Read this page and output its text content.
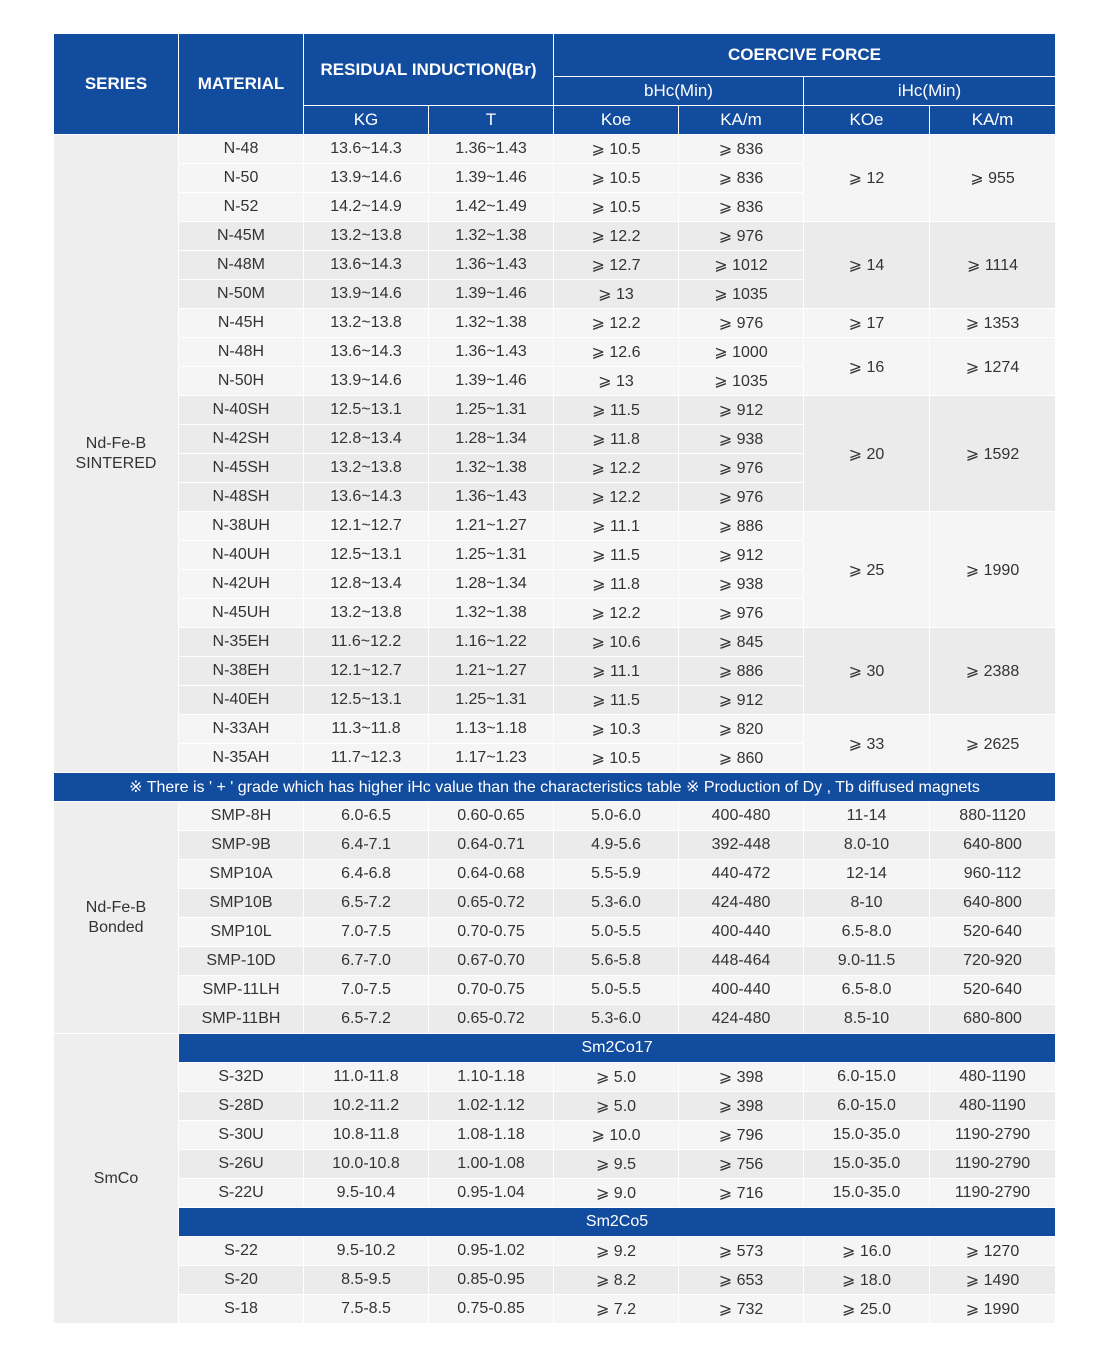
SERIES	MATERIAL	RESIDUAL INDUCTION(Br)		COERCIVE FORCE			
				bHc(Min)		iHc(Min)	
		KG	T	Koe	KA/m	KOe	KA/m

Nd-Fe-B
SINTERED	N-48	13.6~14.3	1.36~1.43	⩾ 10.5	⩾ 836	⩾ 12	⩾ 955
	N-50	13.9~14.6	1.39~1.46	⩾ 10.5	⩾ 836		
	N-52	14.2~14.9	1.42~1.49	⩾ 10.5	⩾ 836		
	N-45M	13.2~13.8	1.32~1.38	⩾ 12.2	⩾ 976	⩾ 14	⩾ 1114
	N-48M	13.6~14.3	1.36~1.43	⩾ 12.7	⩾ 1012		
	N-50M	13.9~14.6	1.39~1.46	⩾ 13	⩾ 1035		
	N-45H	13.2~13.8	1.32~1.38	⩾ 12.2	⩾ 976	⩾ 17	⩾ 1353
	N-48H	13.6~14.3	1.36~1.43	⩾ 12.6	⩾ 1000	⩾ 16	⩾ 1274
	N-50H	13.9~14.6	1.39~1.46	⩾ 13	⩾ 1035		
	N-40SH	12.5~13.1	1.25~1.31	⩾ 11.5	⩾ 912	⩾ 20	⩾ 1592
	N-42SH	12.8~13.4	1.28~1.34	⩾ 11.8	⩾ 938		
	N-45SH	13.2~13.8	1.32~1.38	⩾ 12.2	⩾ 976		
	N-48SH	13.6~14.3	1.36~1.43	⩾ 12.2	⩾ 976		
	N-38UH	12.1~12.7	1.21~1.27	⩾ 11.1	⩾ 886	⩾ 25	⩾ 1990
	N-40UH	12.5~13.1	1.25~1.31	⩾ 11.5	⩾ 912		
	N-42UH	12.8~13.4	1.28~1.34	⩾ 11.8	⩾ 938		
	N-45UH	13.2~13.8	1.32~1.38	⩾ 12.2	⩾ 976		
	N-35EH	11.6~12.2	1.16~1.22	⩾ 10.6	⩾ 845	⩾ 30	⩾ 2388
	N-38EH	12.1~12.7	1.21~1.27	⩾ 11.1	⩾ 886		
	N-40EH	12.5~13.1	1.25~1.31	⩾ 11.5	⩾ 912		
	N-33AH	11.3~11.8	1.13~1.18	⩾ 10.3	⩾ 820	⩾ 33	⩾ 2625
	N-35AH	11.7~12.3	1.17~1.23	⩾ 10.5	⩾ 860		
※ There is ' + ' grade which has higher iHc value than the characteristics table ※ Production of Dy , Tb diffused magnets							

Nd-Fe-B
Bonded	SMP-8H	6.0-6.5	0.60-0.65	5.0-6.0	400-480	11-14	880-1120
	SMP-9B	6.4-7.1	0.64-0.71	4.9-5.6	392-448	8.0-10	640-800
	SMP10A	6.4-6.8	0.64-0.68	5.5-5.9	440-472	12-14	960-112
	SMP10B	6.5-7.2	0.65-0.72	5.3-6.0	424-480	8-10	640-800
	SMP10L	7.0-7.5	0.70-0.75	5.0-5.5	400-440	6.5-8.0	520-640
	SMP-10D	6.7-7.0	0.67-0.70	5.6-5.8	448-464	9.0-11.5	720-920
	SMP-11LH	7.0-7.5	0.70-0.75	5.0-5.5	400-440	6.5-8.0	520-640
	SMP-11BH	6.5-7.2	0.65-0.72	5.3-6.0	424-480	8.5-10	680-800

SmCo	Sm2Co17						
	S-32D	11.0-11.8	1.10-1.18	⩾ 5.0	⩾ 398	6.0-15.0	480-1190
	S-28D	10.2-11.2	1.02-1.12	⩾ 5.0	⩾ 398	6.0-15.0	480-1190
	S-30U	10.8-11.8	1.08-1.18	⩾ 10.0	⩾ 796	15.0-35.0	1190-2790
	S-26U	10.0-10.8	1.00-1.08	⩾ 9.5	⩾ 756	15.0-35.0	1190-2790
	S-22U	9.5-10.4	0.95-1.04	⩾ 9.0	⩾ 716	15.0-35.0	1190-2790
	Sm2Co5						
	S-22	9.5-10.2	0.95-1.02	⩾ 9.2	⩾ 573	⩾ 16.0	⩾ 1270
	S-20	8.5-9.5	0.85-0.95	⩾ 8.2	⩾ 653	⩾ 18.0	⩾ 1490
	S-18	7.5-8.5	0.75-0.85	⩾ 7.2	⩾ 732	⩾ 25.0	⩾ 1990
